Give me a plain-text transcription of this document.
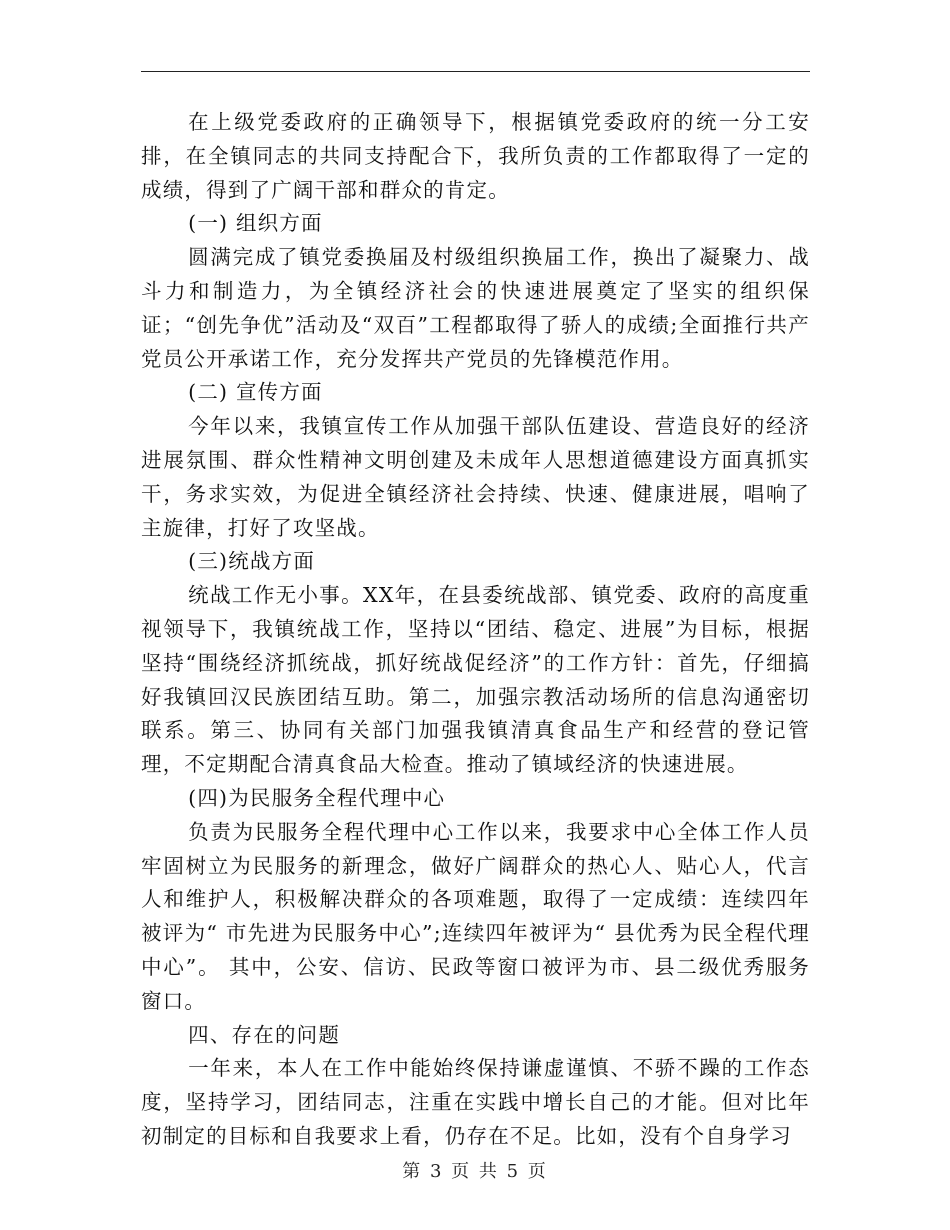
在上级党委政府的正确领导下，根据镇党委政府的统一分工安排，在全镇同志的共同支持配合下，我所负责的工作都取得了一定的成绩，得到了广阔干部和群众的肯定。

(一) 组织方面

圆满完成了镇党委换届及村级组织换届工作，换出了凝聚力、战斗力和制造力，为全镇经济社会的快速进展奠定了坚实的组织保证；“创先争优”活动及“双百”工程都取得了骄人的成绩;全面推行共产党员公开承诺工作，充分发挥共产党员的先锋模范作用。

(二) 宣传方面

今年以来，我镇宣传工作从加强干部队伍建设、营造良好的经济进展氛围、群众性精神文明创建及未成年人思想道德建设方面真抓实干，务求实效，为促进全镇经济社会持续、快速、健康进展，唱响了主旋律，打好了攻坚战。

(三)统战方面

统战工作无小事。XX年，在县委统战部、镇党委、政府的高度重视领导下，我镇统战工作，坚持以“团结、稳定、进展”为目标，根据坚持“围绕经济抓统战，抓好统战促经济”的工作方针：首先，仔细搞好我镇回汉民族团结互助。第二，加强宗教活动场所的信息沟通密切联系。第三、协同有关部门加强我镇清真食品生产和经营的登记管理，不定期配合清真食品大检查。推动了镇域经济的快速进展。

(四)为民服务全程代理中心

负责为民服务全程代理中心工作以来，我要求中心全体工作人员牢固树立为民服务的新理念，做好广阔群众的热心人、贴心人，代言人和维护人，积极解决群众的各项难题，取得了一定成绩：连续四年被评为“ 市先进为民服务中心”;连续四年被评为“ 县优秀为民全程代理中心”。 其中，公安、信访、民政等窗口被评为市、县二级优秀服务窗口。

四、存在的问题

一年来，本人在工作中能始终保持谦虚谨慎、不骄不躁的工作态度，坚持学习，团结同志，注重在实践中增长自己的才能。但对比年初制定的目标和自我要求上看，仍存在不足。比如，没有个自身学习

第 3 页 共 5 页
